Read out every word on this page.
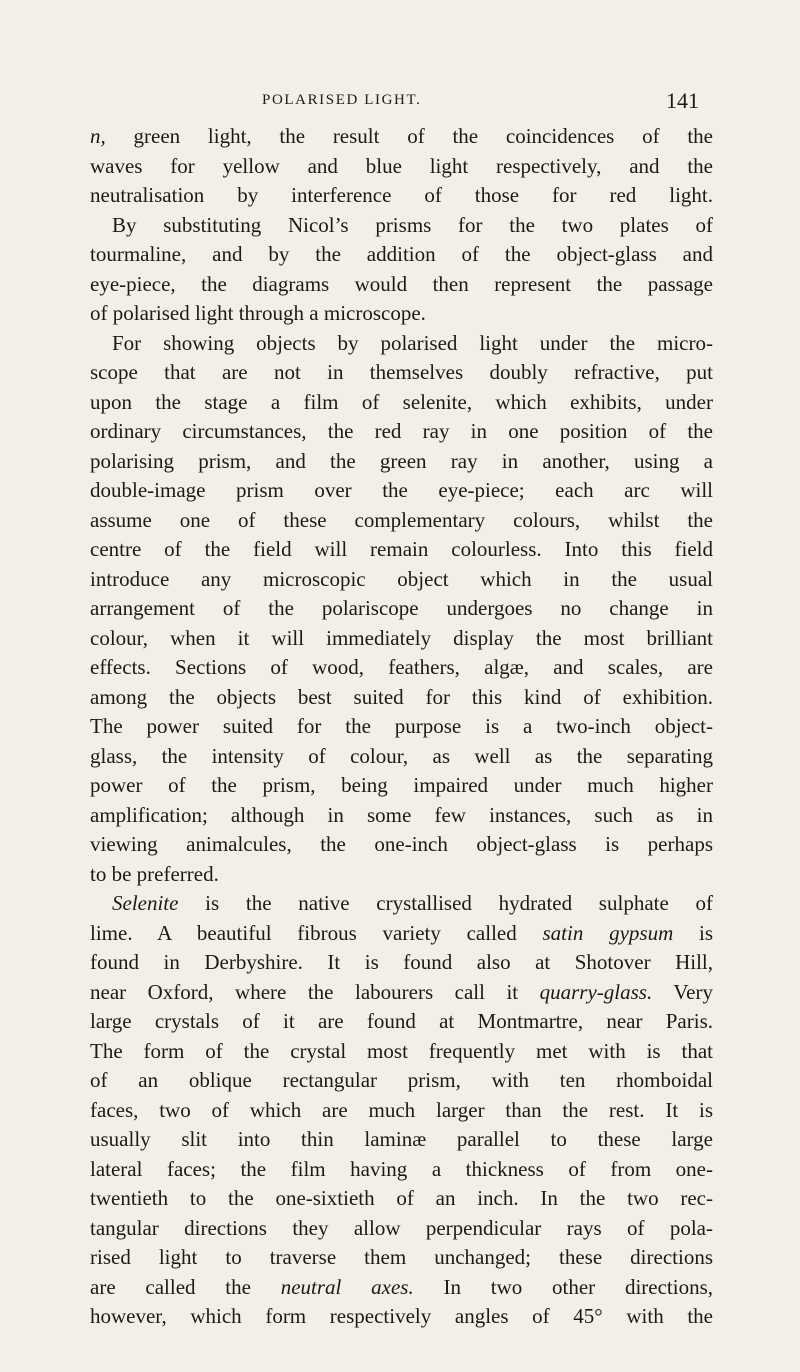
POLARISED LIGHT.	141
n, green light, the result of the coincidences of the
waves for yellow and blue light respectively, and the
neutralisation by interference of those for red light.
By substituting Nicol’s prisms for the two plates of
tourmaline, and by the addition of the object-glass and
eye-piece, the diagrams would then represent the passage
of polarised light through a microscope.
For showing objects by polarised light under the micro-
scope that are not in themselves doubly refractive, put
upon the stage a film of selenite, which exhibits, under
ordinary circumstances, the red ray in one position of the
polarising prism, and the green ray in another, using a
double-image prism over the eye-piece; each arc will
assume one of these complementary colours, whilst the
centre of the field will remain colourless. Into this field
introduce any microscopic object which in the usual
arrangement of the polariscope undergoes no change in
colour, when it will immediately display the most brilliant
effects. Sections of wood, feathers, algæ, and scales, are
among the objects best suited for this kind of exhibition.
The power suited for the purpose is a two-inch object-
glass, the intensity of colour, as well as the separating
power of the prism, being impaired under much higher
amplification; although in some few instances, such as in
viewing animalcules, the one-inch object-glass is perhaps
to be preferred.
Selenite is the native crystallised hydrated sulphate of
lime. A beautiful fibrous variety called satin gypsum is
found in Derbyshire. It is found also at Shotover Hill,
near Oxford, where the labourers call it quarry-glass. Very
large crystals of it are found at Montmartre, near Paris.
The form of the crystal most frequently met with is that
of an oblique rectangular prism, with ten rhomboidal
faces, two of which are much larger than the rest. It is
usually slit into thin laminæ parallel to these large
lateral faces; the film having a thickness of from one-
twentieth to the one-sixtieth of an inch. In the two rec-
tangular directions they allow perpendicular rays of pola-
rised light to traverse them unchanged; these directions
are called the neutral axes. In two other directions,
however, which form respectively angles of 45° with the
